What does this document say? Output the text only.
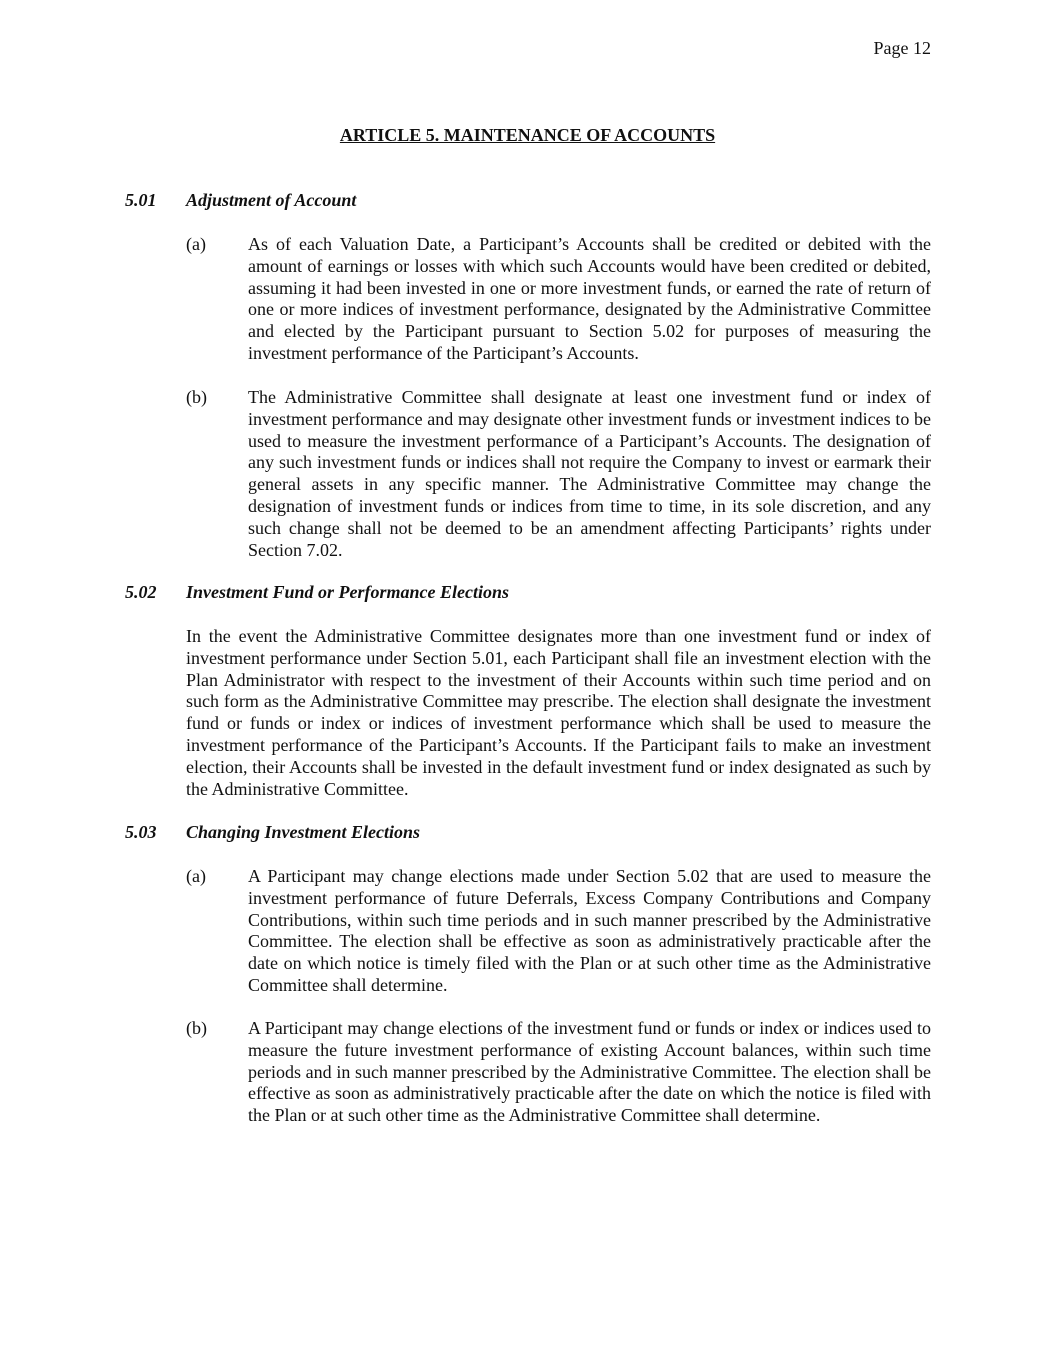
Page 12
ARTICLE 5. MAINTENANCE OF ACCOUNTS
5.01 Adjustment of Account
(a) As of each Valuation Date, a Participant’s Accounts shall be credited or debited with the amount of earnings or losses with which such Accounts would have been credited or debited, assuming it had been invested in one or more investment funds, or earned the rate of return of one or more indices of investment performance, designated by the Administrative Committee and elected by the Participant pursuant to Section 5.02 for purposes of measuring the investment performance of the Participant’s Accounts.
(b) The Administrative Committee shall designate at least one investment fund or index of investment performance and may designate other investment funds or investment indices to be used to measure the investment performance of a Participant’s Accounts. The designation of any such investment funds or indices shall not require the Company to invest or earmark their general assets in any specific manner. The Administrative Committee may change the designation of investment funds or indices from time to time, in its sole discretion, and any such change shall not be deemed to be an amendment affecting Participants’ rights under Section 7.02.
5.02 Investment Fund or Performance Elections
In the event the Administrative Committee designates more than one investment fund or index of investment performance under Section 5.01, each Participant shall file an investment election with the Plan Administrator with respect to the investment of their Accounts within such time period and on such form as the Administrative Committee may prescribe. The election shall designate the investment fund or funds or index or indices of investment performance which shall be used to measure the investment performance of the Participant’s Accounts. If the Participant fails to make an investment election, their Accounts shall be invested in the default investment fund or index designated as such by the Administrative Committee.
5.03 Changing Investment Elections
(a) A Participant may change elections made under Section 5.02 that are used to measure the investment performance of future Deferrals, Excess Company Contributions and Company Contributions, within such time periods and in such manner prescribed by the Administrative Committee. The election shall be effective as soon as administratively practicable after the date on which notice is timely filed with the Plan or at such other time as the Administrative Committee shall determine.
(b) A Participant may change elections of the investment fund or funds or index or indices used to measure the future investment performance of existing Account balances, within such time periods and in such manner prescribed by the Administrative Committee. The election shall be effective as soon as administratively practicable after the date on which the notice is filed with the Plan or at such other time as the Administrative Committee shall determine.
